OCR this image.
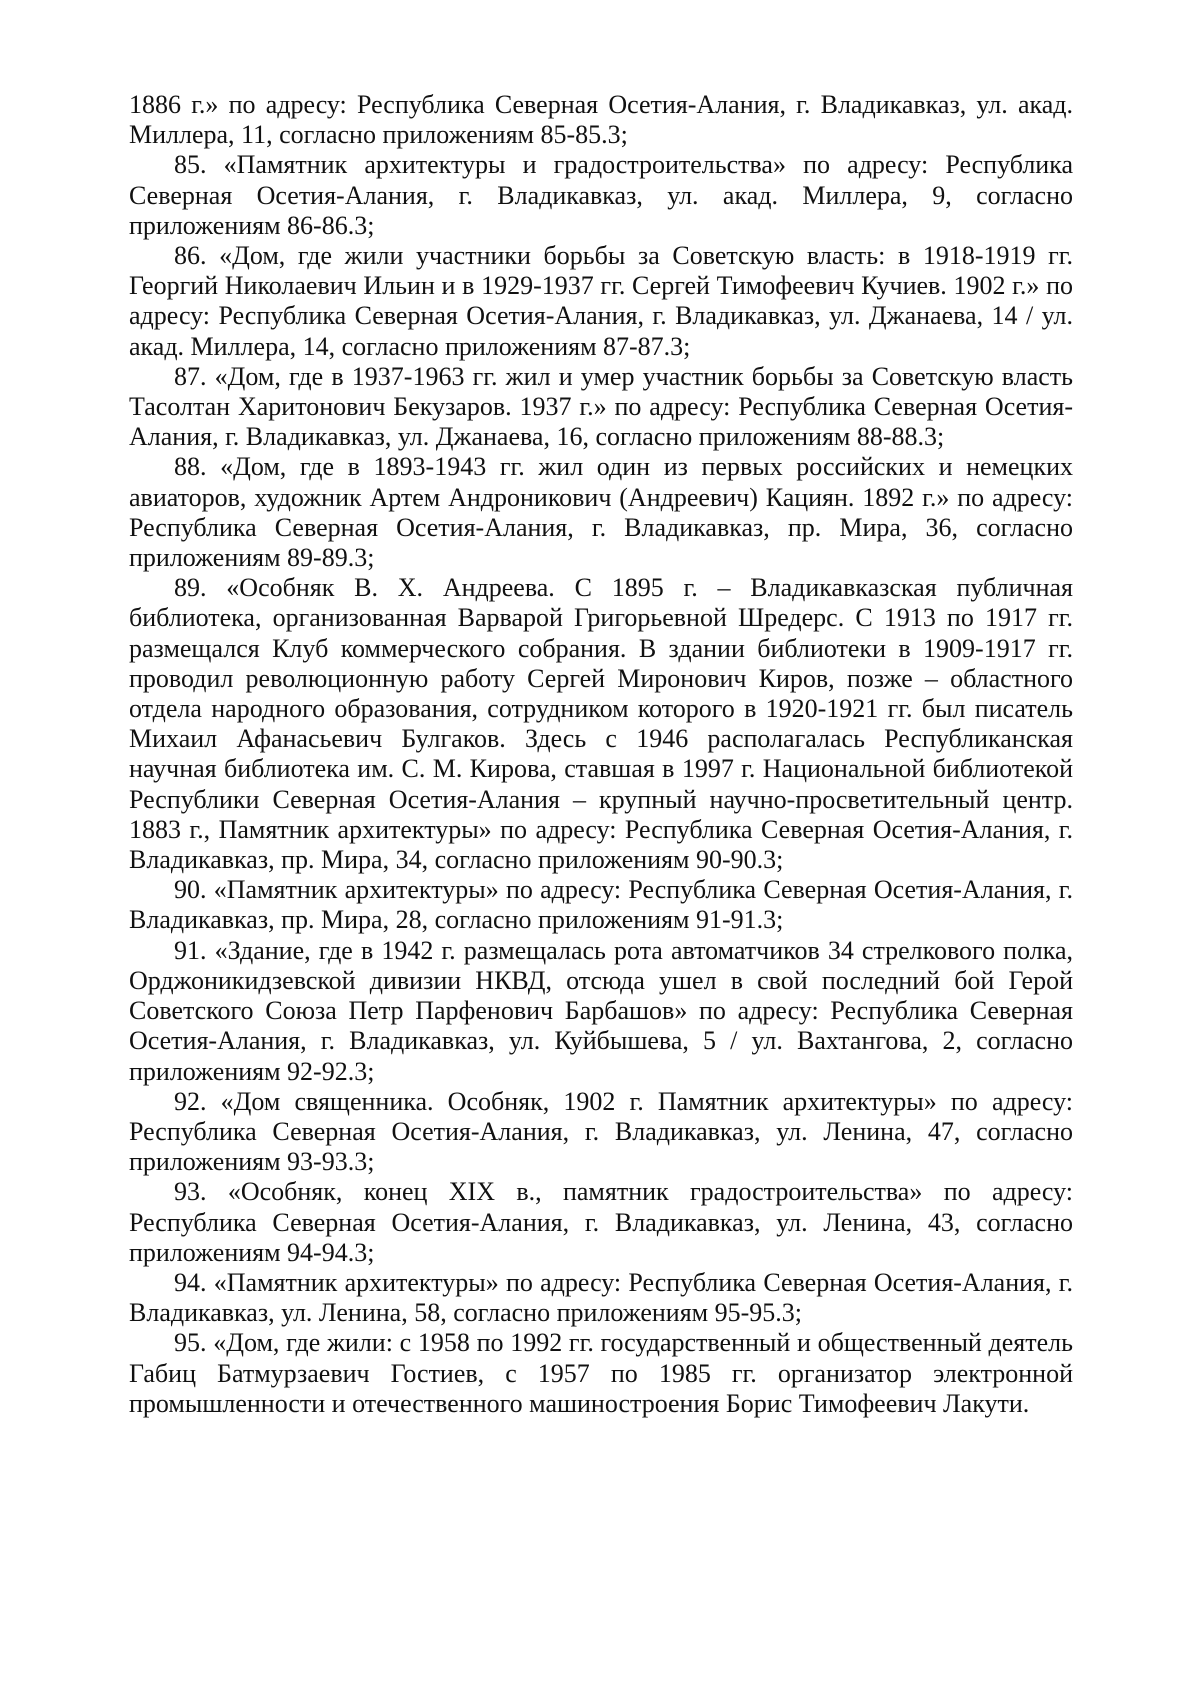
1886 г.» по адресу: Республика Северная Осетия-Алания, г. Владикавказ, ул. акад. Миллера, 11, согласно приложениям 85-85.3;

85. «Памятник архитектуры и градостроительства» по адресу: Республика Северная Осетия-Алания, г. Владикавказ, ул. акад. Миллера, 9, согласно приложениям 86-86.3;

86. «Дом, где жили участники борьбы за Советскую власть: в 1918-1919 гг. Георгий Николаевич Ильин и в 1929-1937 гг. Сергей Тимофеевич Кучиев. 1902 г.» по адресу: Республика Северная Осетия-Алания, г. Владикавказ, ул. Джанаева, 14 / ул. акад. Миллера, 14, согласно приложениям 87-87.3;

87. «Дом, где в 1937-1963 гг. жил и умер участник борьбы за Советскую власть Тасолтан Харитонович Бекузаров. 1937 г.» по адресу: Республика Северная Осетия-Алания, г. Владикавказ, ул. Джанаева, 16, согласно приложениям 88-88.3;

88. «Дом, где в 1893-1943 гг. жил один из первых российских и немецких авиаторов, художник Артем Андроникович (Андреевич) Кациян. 1892 г.» по адресу: Республика Северная Осетия-Алания, г. Владикавказ, пр. Мира, 36, согласно приложениям 89-89.3;

89. «Особняк В. Х. Андреева. С 1895 г. – Владикавказская публичная библиотека, организованная Варварой Григорьевной Шредерс. С 1913 по 1917 гг. размещался Клуб коммерческого собрания. В здании библиотеки в 1909-1917 гг. проводил революционную работу Сергей Миронович Киров, позже – областного отдела народного образования, сотрудником которого в 1920-1921 гг. был писатель Михаил Афанасьевич Булгаков. Здесь с 1946 располагалась Республиканская научная библиотека им. С. М. Кирова, ставшая в 1997 г. Национальной библиотекой Республики Северная Осетия-Алания – крупный научно-просветительный центр. 1883 г., Памятник архитектуры» по адресу: Республика Северная Осетия-Алания, г. Владикавказ, пр. Мира, 34, согласно приложениям 90-90.3;

90. «Памятник архитектуры» по адресу: Республика Северная Осетия-Алания, г. Владикавказ, пр. Мира, 28, согласно приложениям 91-91.3;

91. «Здание, где в 1942 г. размещалась рота автоматчиков 34 стрелкового полка, Орджоникидзевской дивизии НКВД, отсюда ушел в свой последний бой Герой Советского Союза Петр Парфенович Барбашов» по адресу: Республика Северная Осетия-Алания, г. Владикавказ, ул. Куйбышева, 5 / ул. Вахтангова, 2, согласно приложениям 92-92.3;

92. «Дом священника. Особняк, 1902 г. Памятник архитектуры» по адресу: Республика Северная Осетия-Алания, г. Владикавказ, ул. Ленина, 47, согласно приложениям 93-93.3;

93. «Особняк, конец XIX в., памятник градостроительства» по адресу: Республика Северная Осетия-Алания, г. Владикавказ, ул. Ленина, 43, согласно приложениям 94-94.3;

94. «Памятник архитектуры» по адресу: Республика Северная Осетия-Алания, г. Владикавказ, ул. Ленина, 58, согласно приложениям 95-95.3;

95. «Дом, где жили: с 1958 по 1992 гг. государственный и общественный деятель Габиц Батмурзаевич Гостиев, с 1957 по 1985 гг. организатор электронной промышленности и отечественного машиностроения Борис Тимофеевич Лакути.
